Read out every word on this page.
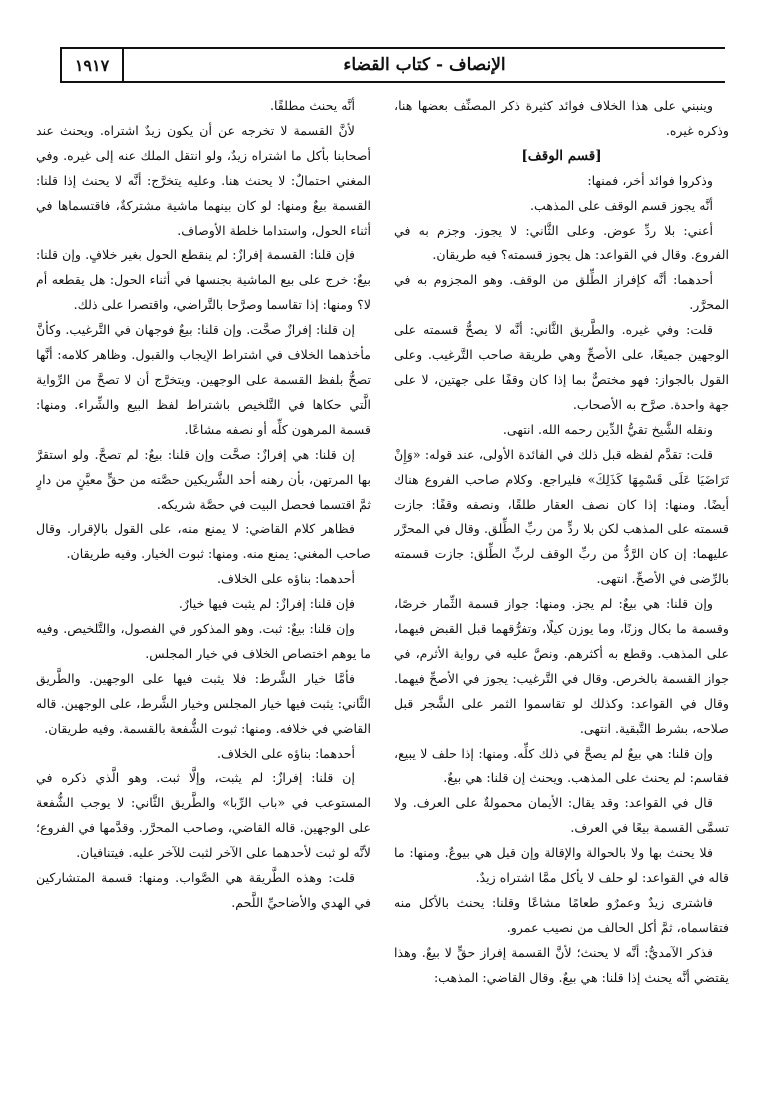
١٩١٧	الإنصاف - كتاب القضاء

وينبني على هذا الخلاف فوائد كثيرة ذكر المصنِّف بعضها هنا، وذكره غيره.

[قسم الوقف]

وذكروا فوائد أخر، فمنها:

أنَّه يجوز قسم الوقف على المذهب.

أعني: بلا ردِّ عوض. وعلى الثَّاني: لا يجوز. وجزم به في الفروع. وقال في القواعد: هل يجوز قسمته؟ فيه طريقان.

أحدهما: أنَّه كإفراز الطِّلق من الوقف. وهو المجزوم به في المحرَّر.

قلت: وفي غيره. والطَّريق الثَّاني: أنَّه لا يصحُّ قسمته على الوجهين جميعًا، على الأصحِّ وهي طريقة صاحب التَّرغيب. وعلى القول بالجواز: فهو مختصٌّ بما إذا كان وقفًا على جهتين، لا على جهة واحدة. صرَّح به الأصحاب.

ونقله الشَّيخ تقيُّ الدِّين رحمه الله. انتهى.

قلت: تقدَّم لفظه قبل ذلك في الفائدة الأولى، عند قوله: «وَإِنْ تَرَاضَيَا عَلَى قَسْمِهَا كَذَلِكَ» فليراجع. وكلام صاحب الفروع هناك أيضًا. ومنها: إذا كان نصف العقار طلقًا، ونصفه وقفًا: جازت قسمته على المذهب لكن بلا ردٍّ من ربِّ الطِّلق. وقال في المحرَّر عليهما: إن كان الرَّدُّ من ربِّ الوقف لربِّ الطِّلق: جازت قسمته بالرِّضى في الأصحِّ. انتهى.

وإن قلنا: هي بيعٌ: لم يجز. ومنها: جواز قسمة الثِّمار خرصًا، وقسمة ما بكال وزنًا، وما يوزن كيلًا، وتفرُّقهما قبل القبض فيهما، على المذهب. وقطع به أكثرهم. ونصَّ عليه في رواية الأثرم، في جواز القسمة بالخرص. وقال في التَّرغيب: يجوز في الأصحِّ فيهما. وقال في القواعد: وكذلك لو تقاسموا الثمر على الشَّجر قبل صلاحه، بشرط التَّبقية. انتهى.

وإن قلنا: هي بيعٌ لم يصحَّ في ذلك كلِّه. ومنها: إذا حلف لا يبيع، فقاسم: لم يحنث على المذهب. ويحنث إن قلنا: هي بيعٌ.

قال في القواعد: وقد يقال: الأيمان محمولةٌ على العرف. ولا تسمَّى القسمة بيعًا في العرف.

فلا يحنث بها ولا بالحوالة والإقالة وإن قيل هي بيوعٌ. ومنها: ما قاله في القواعد: لو حلف لا يأكل ممَّا اشتراه زيدٌ.

فاشترى زيدٌ وعمرٌو طعامًا مشاعًا وقلنا: يحنث بالأكل منه فتقاسماه، ثمَّ أكل الحالف من نصيب عمرو.

فذكر الآمديُّ: أنَّه لا يحنث؛ لأنَّ القسمة إفراز حقٍّ لا بيعٌ. وهذا يقتضي أنَّه يحنث إذا قلنا: هي بيعٌ. وقال القاضي: المذهب:

أنَّه يحنث مطلقًا.

لأنَّ القسمة لا تخرجه عن أن يكون زيدٌ اشتراه. ويحنث عند أصحابنا بأكل ما اشتراه زيدٌ، ولو انتقل الملك عنه إلى غيره. وفي المغني احتمالٌ: لا يحنث هنا. وعليه يتخرَّج: أنَّه لا يحنث إذا قلنا: القسمة بيعٌ ومنها: لو كان بينهما ماشية مشتركةٌ، فاقتسماها في أثناء الحول، واستداما خلطة الأوصاف.

فإن قلنا: القسمة إفرازٌ: لم ينقطع الحول بغير خلافٍ. وإن قلنا: بيعٌ: خرج على بيع الماشية بجنسها في أثناء الحول: هل يقطعه أم لا؟ ومنها: إذا تقاسما وصرَّحا بالتَّراضي، واقتصرا على ذلك.

إن قلنا: إفرازٌ صحَّت. وإن قلنا: بيعٌ فوجهان في التَّرغيب. وكأنَّ مأخذهما الخلاف في اشتراط الإيجاب والقبول. وظاهر كلامه: أنَّها تصحُّ بلفظ القسمة على الوجهين. ويتخرَّج أن لا تصحَّ من الرِّواية الَّتي حكاها في التَّلخيص باشتراط لفظ البيع والشِّراء. ومنها: قسمة المرهون كلِّه أو نصفه مشاعًا.

إن قلنا: هي إفرازٌ: صحَّت وإن قلنا: بيعٌ: لم تصحَّ. ولو استقرَّ بها المرتهن، بأن رهنه أحد الشَّريكين حصَّته من حقٍّ معيَّنٍ من دارٍ ثمَّ اقتسما فحصل البيت في حصَّة شريكه.

فظاهر كلام القاضي: لا يمنع منه، على القول بالإقرار. وقال صاحب المغني: يمنع منه. ومنها: ثبوت الخيار. وفيه طريقان.

أحدهما: بناؤه على الخلاف.

فإن قلنا: إفرازٌ: لم يثبت فيها خيارٌ.

وإن قلنا: بيعٌ: ثبت. وهو المذكور في الفصول، والتَّلخيص. وفيه ما يوهم اختصاص الخلاف في خيار المجلس.

فأمَّا خيار الشَّرط: فلا يثبت فيها على الوجهين. والطَّريق الثَّاني: يثبت فيها خيار المجلس وخيار الشَّرط، على الوجهين. قاله القاضي في خلافه. ومنها: ثبوت الشُّفعة بالقسمة. وفيه طريقان.

أحدهما: بناؤه على الخلاف.

إن قلنا: إفرازٌ: لم يثبت، وإلَّا ثبت. وهو الَّذي ذكره في المستوعب في «باب الرِّبا» والطَّريق الثَّاني: لا يوجب الشُّفعة على الوجهين. قاله القاضي، وصاحب المحرَّر. وقدَّمها في الفروع؛ لأنَّه لو ثبت لأحدهما على الآخر لثبت للآخر عليه. فيتنافيان.

قلت: وهذه الطَّريقة هي الصَّواب. ومنها: قسمة المتشاركين في الهدي والأضاحيِّ اللَّحم.
